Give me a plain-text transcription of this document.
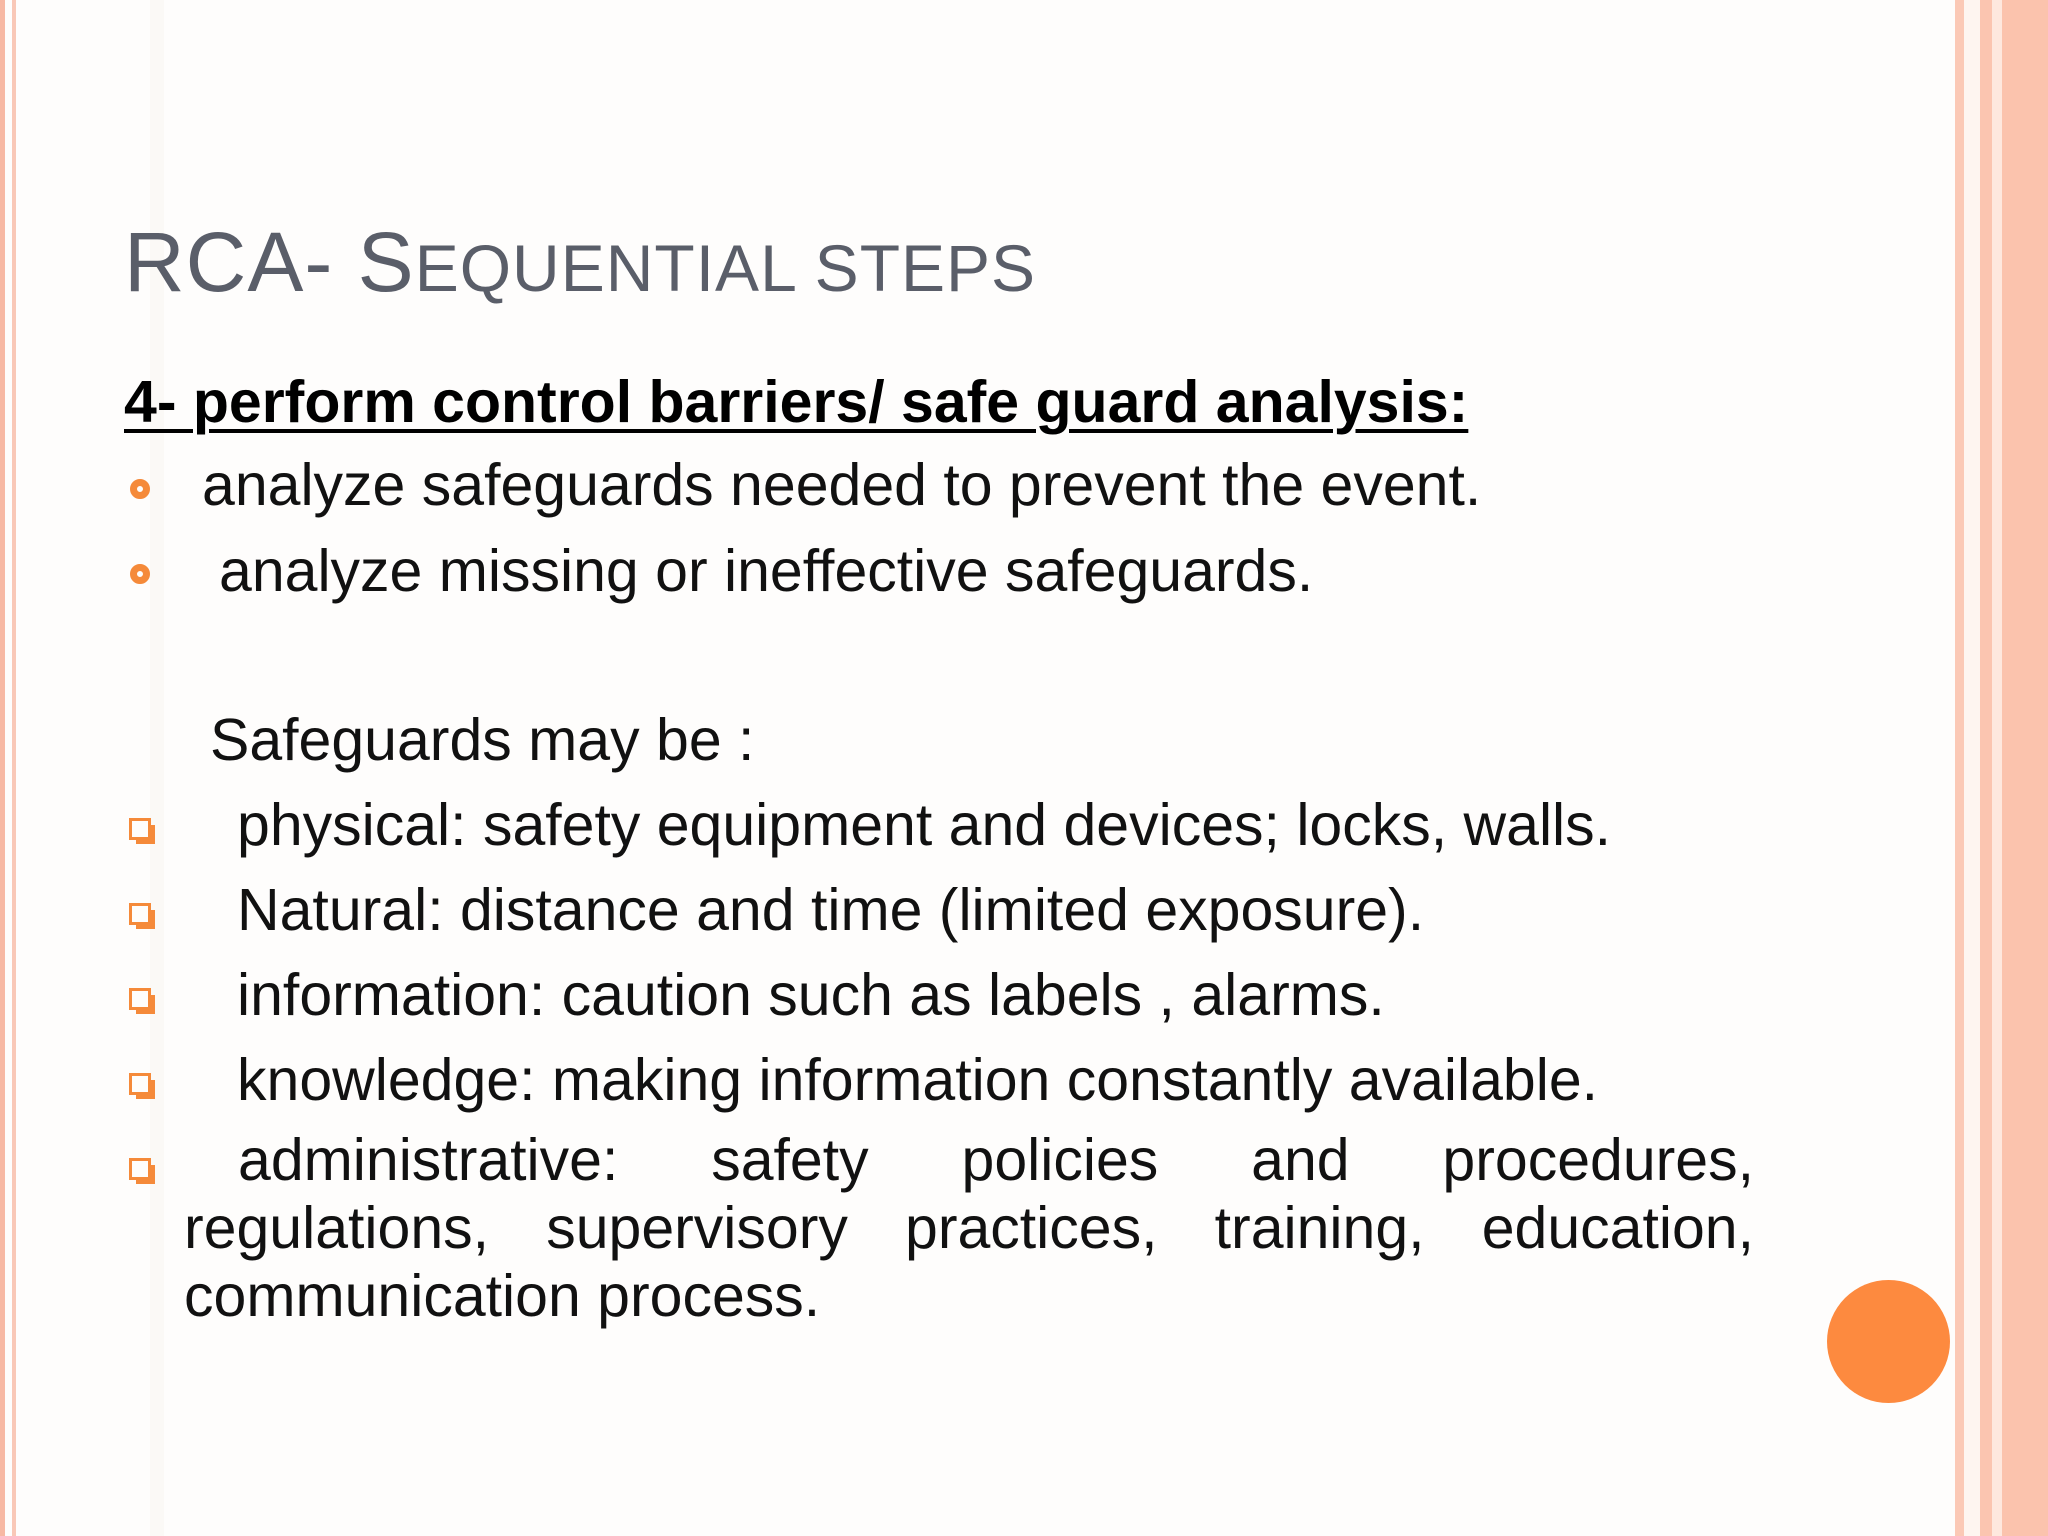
RCA- SEQUENTIAL STEPS
4- perform control barriers/ safe guard analysis:
analyze safeguards needed to prevent the event.
analyze missing or ineffective safeguards.
Safeguards may be :
physical: safety equipment and devices; locks, walls.
Natural: distance and time (limited exposure).
information: caution such as labels , alarms.
knowledge: making information constantly available.
administrative: safety policies and procedures, regulations, supervisory practices, training, education, communication process.
